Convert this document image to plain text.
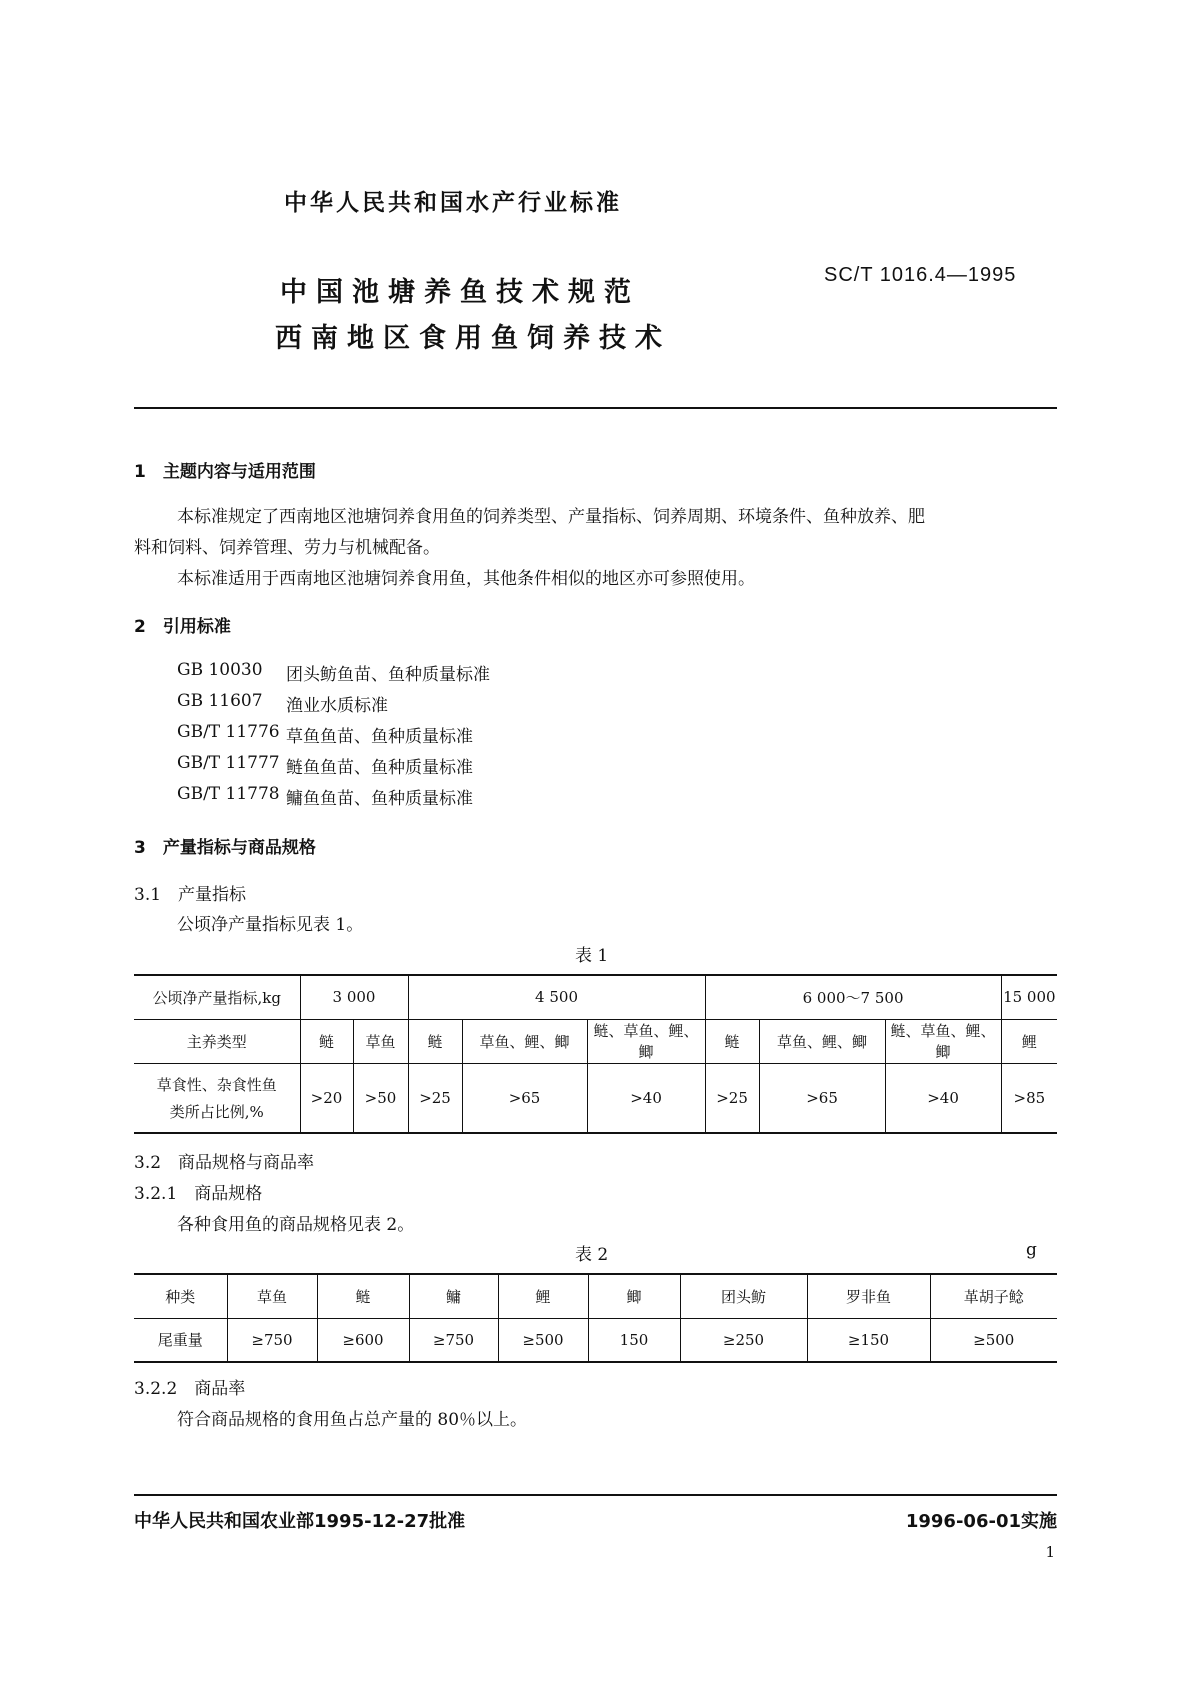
中华人民共和国水产行业标准
中国池塘养鱼技术规范
西南地区食用鱼饲养技术
SC/T 1016.4—1995
1　主题内容与适用范围
本标准规定了西南地区池塘饲养食用鱼的饲养类型、产量指标、饲养周期、环境条件、鱼种放养、肥
料和饲料、饲养管理、劳力与机械配备。
本标准适用于西南地区池塘饲养食用鱼，其他条件相似的地区亦可参照使用。
2　引用标准
GB 10030 团头鲂鱼苗、鱼种质量标准
GB 11607 渔业水质标准
GB/T 11776 草鱼鱼苗、鱼种质量标准
GB/T 11777 鲢鱼鱼苗、鱼种质量标准
GB/T 11778 鳙鱼鱼苗、鱼种质量标准
3　产量指标与商品规格
3.1　产量指标
公顷净产量指标见表 1。
表 1
公顷净产量指标,kg	3 000		4 500			6 000～7 500			15 000
主养类型	鲢	草鱼	鲢	草鱼、鲤、鲫	鲢、草鱼、鲤、鲫	鲢	草鱼、鲤、鲫	鲢、草鱼、鲤、鲫	鲤

草食性、杂食性鱼
类所占比例,%	>20	>50	>25	>65	>40	>25	>65	>40	>85
3.2　商品规格与商品率
3.2.1　商品规格
各种食用鱼的商品规格见表 2。
表 2	g
种类	草鱼	鲢	鳙	鲤	鲫	团头鲂	罗非鱼	革胡子鲶
尾重量	≥750	≥600	≥750	≥500	150	≥250	≥150	≥500
3.2.2　商品率
符合商品规格的食用鱼占总产量的 80％以上。
中华人民共和国农业部1995-12-27批准	1996-06-01实施
1
